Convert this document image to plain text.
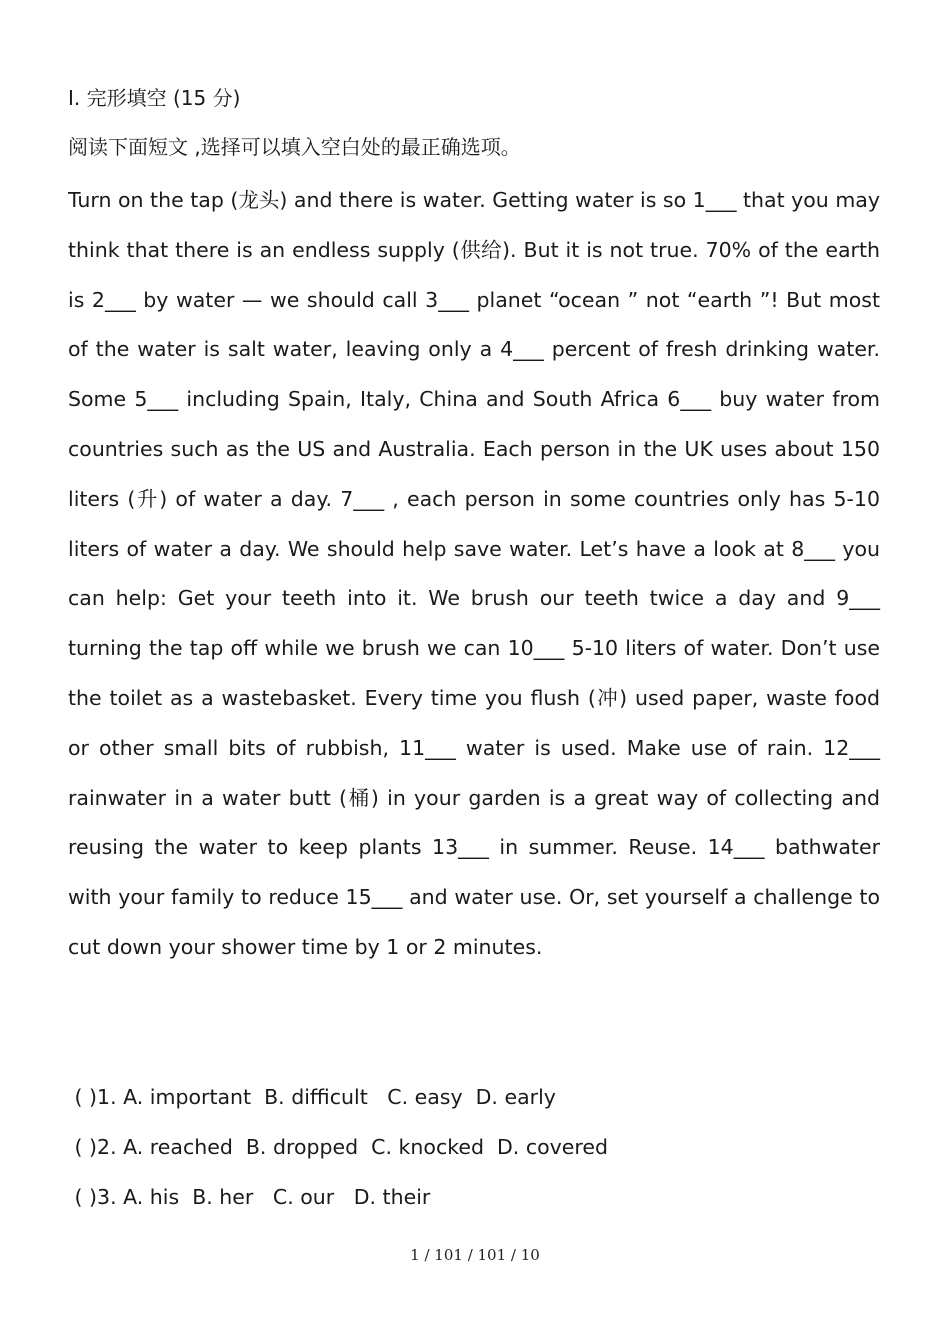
I. 完形填空 (15 分)
阅读下面短文 ,选择可以填入空白处的最正确选项。

Turn on the tap (龙头) and there is water. Getting water is so 1___ that you may think that there is an endless supply (供给). But it is not true. 70% of the earth is 2___ by water — we should call 3___ planet “ocean ” not “earth ”! But most of the water is salt water, leaving only a 4___ percent of fresh drinking water. Some 5___ including Spain, Italy, China and South Africa 6___ buy water from countries such as the US and Australia. Each person in the UK uses about 150 liters (升) of water a day. 7___ , each person in some countries only has 5-10 liters of water a day. We should help save water. Let’s have a look at 8___ you can help: Get your teeth into it. We brush our teeth twice a day and 9___ turning the tap off while we brush we can 10___ 5-10 liters of water. Don’t use the toilet as a wastebasket. Every time you flush (冲) used paper, waste food or other small bits of rubbish, 11___ water is used. Make use of rain. 12___ rainwater in a water butt (桶) in your garden is a great way of collecting and reusing the water to keep plants 13___ in summer. Reuse. 14___ bathwater with your family to reduce 15___ and water use. Or, set yourself a challenge to cut down your shower time by 1 or 2 minutes.

( )1. A. important  B. difficult   C. easy  D. early
( )2. A. reached  B. dropped  C. knocked  D. covered
( )3. A. his  B. her   C. our   D. their
1 / 101 / 101 / 10
